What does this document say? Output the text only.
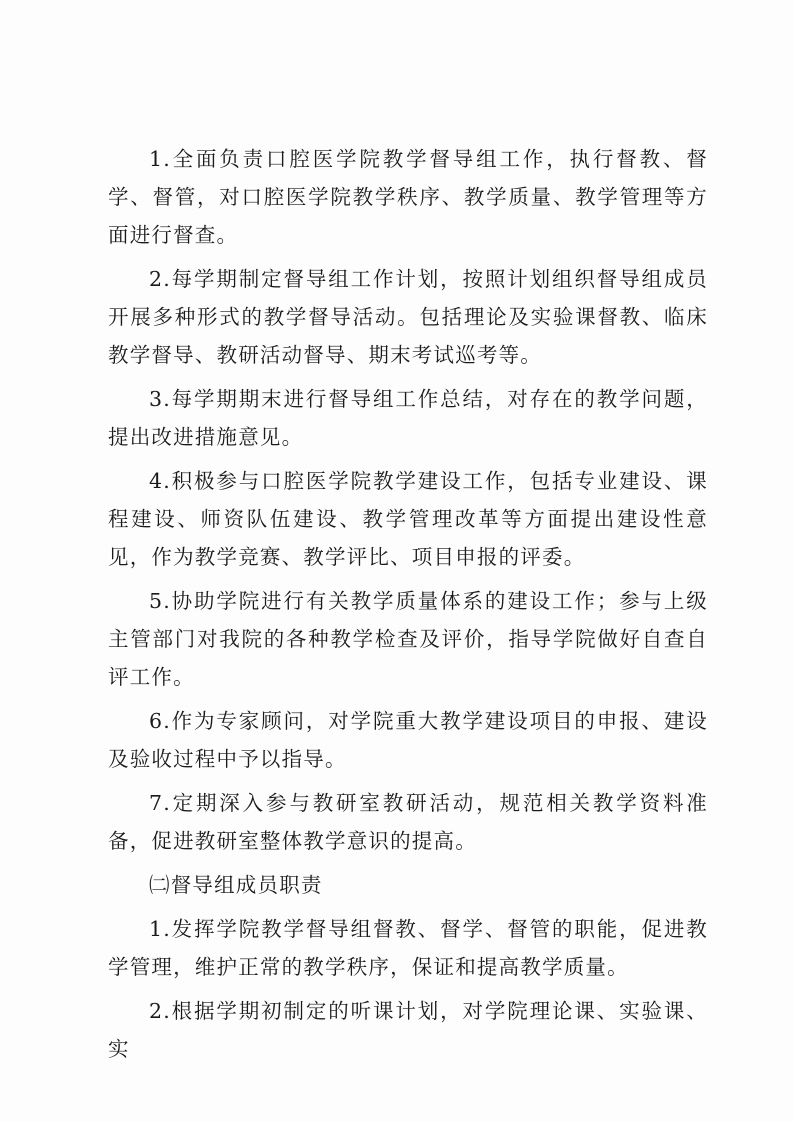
1.全面负责口腔医学院教学督导组工作，执行督教、督学、督管，对口腔医学院教学秩序、教学质量、教学管理等方面进行督查。

2.每学期制定督导组工作计划，按照计划组织督导组成员开展多种形式的教学督导活动。包括理论及实验课督教、临床教学督导、教研活动督导、期末考试巡考等。

3.每学期期末进行督导组工作总结，对存在的教学问题，提出改进措施意见。

4.积极参与口腔医学院教学建设工作，包括专业建设、课程建设、师资队伍建设、教学管理改革等方面提出建设性意见，作为教学竞赛、教学评比、项目申报的评委。

5.协助学院进行有关教学质量体系的建设工作；参与上级主管部门对我院的各种教学检查及评价，指导学院做好自查自评工作。

6.作为专家顾问，对学院重大教学建设项目的申报、建设及验收过程中予以指导。

7.定期深入参与教研室教研活动，规范相关教学资料准备，促进教研室整体教学意识的提高。

㈡督导组成员职责

1.发挥学院教学督导组督教、督学、督管的职能，促进教学管理，维护正常的教学秩序，保证和提高教学质量。

2.根据学期初制定的听课计划，对学院理论课、实验课、实
